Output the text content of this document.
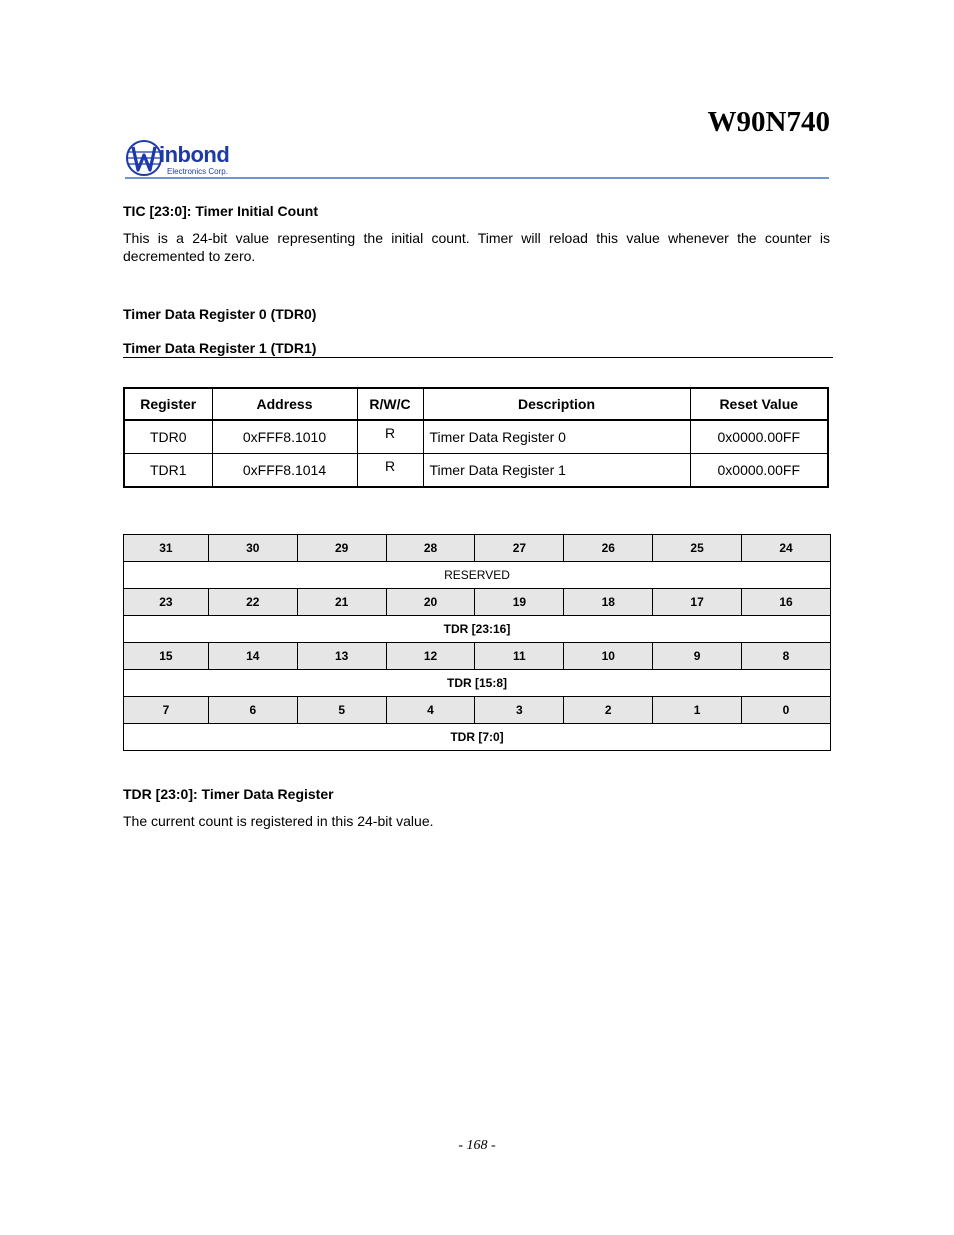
W90N740
inbond
Electronics Corp.
TIC [23:0]: Timer Initial Count
This is a 24-bit value representing the initial count. Timer will reload this value whenever the counter is decremented to zero.
Timer Data Register 0 (TDR0)
Timer Data Register 1 (TDR1)
Register	Address	R/W/C	Description	Reset Value
TDR0	0xFFF8.1010	R	Timer Data Register 0	0x0000.00FF
TDR1	0xFFF8.1014	R	Timer Data Register 1	0x0000.00FF
31	30	29	28	27	26	25	24
RESERVED							
23	22	21	20	19	18	17	16
TDR [23:16]							
15	14	13	12	11	10	9	8
TDR [15:8]							
7	6	5	4	3	2	1	0
TDR [7:0]							
TDR [23:0]: Timer Data Register
The current count is registered in this 24-bit value.
- 168 -
